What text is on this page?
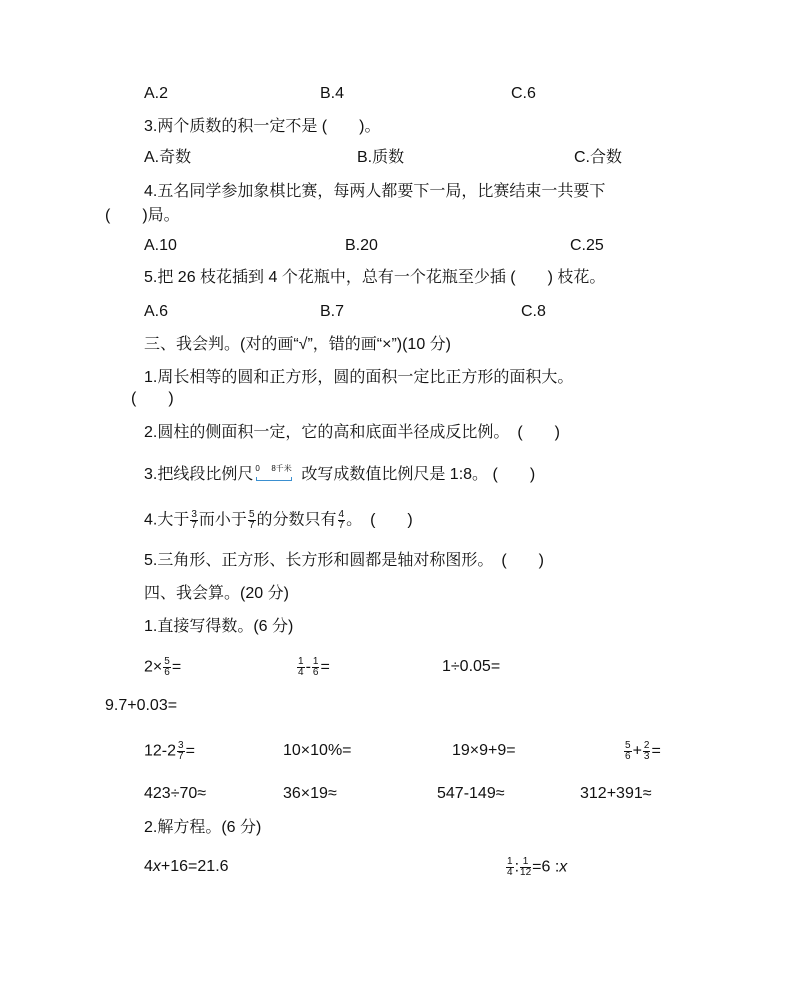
A.2	B.4	C.6
3.两个质数的积一定不是 (　　)。
A.奇数	B.质数	C.合数
4.五名同学参加象棋比赛，每两人都要下一局，比赛结束一共要下
(　　)局。
A.10	B.20	C.25
5.把 26 枝花插到 4 个花瓶中，总有一个花瓶至少插 (　　) 枝花。
A.6	B.7	C.8
三、我会判。(对的画“√”，错的画“×”)(10 分)
1.周长相等的圆和正方形，圆的面积一定比正方形的面积大。
(　　)
2.圆柱的侧面积一定，它的高和底面半径成反比例。　(　　)
3.把线段比例尺 0 8千米 改写成数值比例尺是 1:8。 (　　)
4.大于 $\frac{3}{7}$ 而小于 $\frac{5}{7}$ 的分数只有 $\frac{4}{7}$ 。　(　　)
5.三角形、正方形、长方形和圆都是轴对称图形。　(　　)
四、我会算。(20 分)
1.直接写得数。(6 分)
$2\times \frac{5}{6}$ =	$\frac{1}{4} - \frac{1}{6}$ =	1÷0.05=
9.7+0.03=
$12-2 \frac{3}{7}$ =	10×10%=	19×9+9=	$\frac{5}{6} + \frac{2}{3}$ =
423÷70≈	36×19≈	547-149≈	312+391≈
2.解方程。(6 分)
4x+16=21.6	$\frac{1}{4}$ : $\frac{1}{12} =6$ :x
